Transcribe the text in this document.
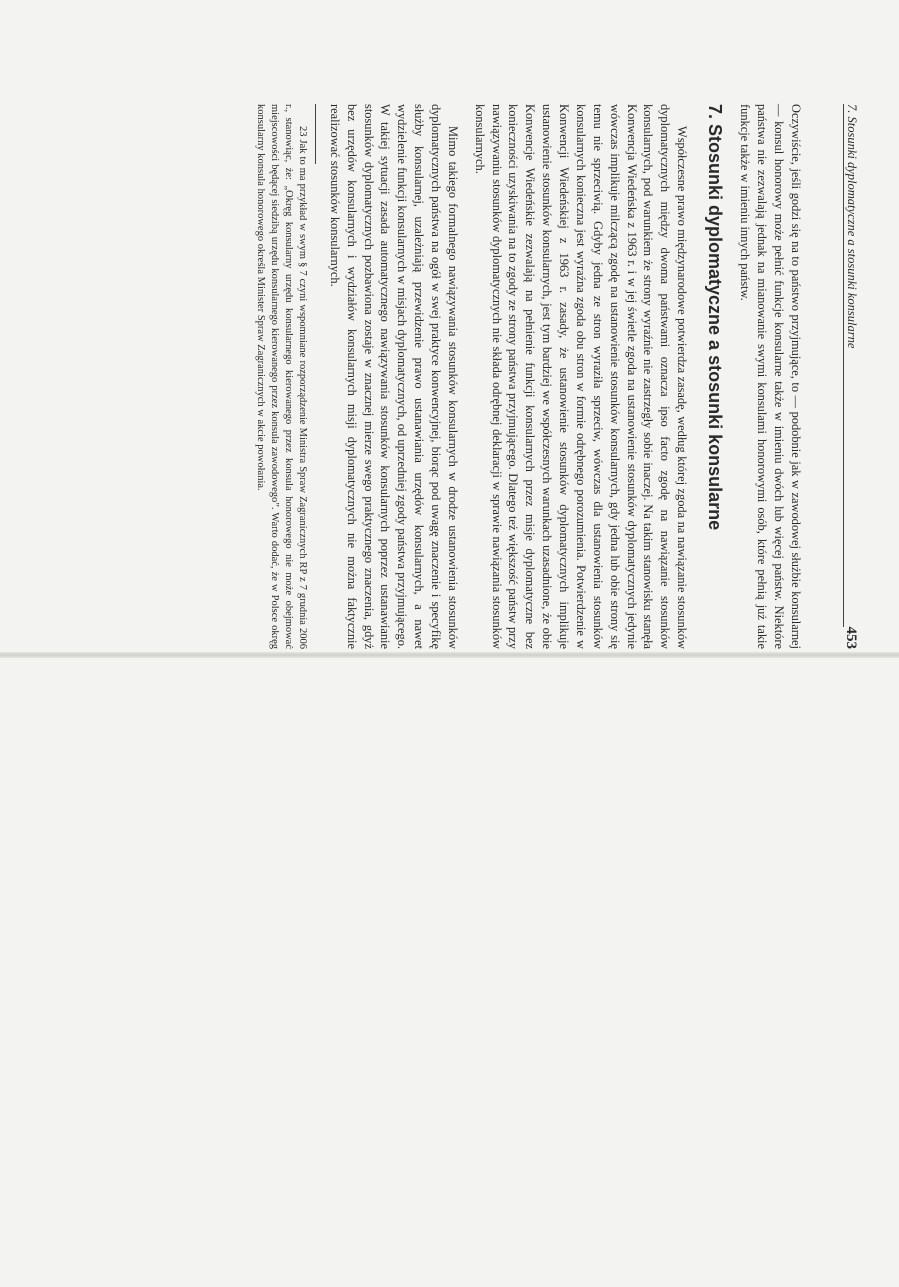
7. Stosunki dyplomatyczne a stosunki konsularne
453

Oczywiście, jeśli godzi się na to państwo przyjmujące, to — podobnie jak w zawodowej służbie konsularnej — konsul honorowy może pełnić funkcje konsularne także w imieniu dwóch lub więcej państw. Niektóre państwa nie zezwalają jednak na mianowanie swymi konsulami honorowymi osób, które pełnią już takie funkcje także w imieniu innych państw.

7. Stosunki dyplomatyczne a stosunki konsularne

Współczesne prawo międzynarodowe potwierdza zasadę, według której zgoda na nawiązanie stosunków dyplomatycznych między dwoma państwami oznacza ipso facto zgodę na nawiązanie stosunków konsularnych, pod warunkiem że strony wyraźnie nie zastrzegły sobie inaczej. Na takim stanowisku stanęła Konwencja Wiedeńska z 1963 r. i w jej świetle zgoda na ustanowienie stosunków dyplomatycznych jedynie wówczas implikuje milczącą zgodę na ustanowienie stosunków konsularnych, gdy jedna lub obie strony się temu nie sprzeciwią. Gdyby jedna ze stron wyraziła sprzeciw, wówczas dla ustanowienia stosunków konsularnych konieczna jest wyraźna zgoda obu stron w formie odrębnego porozumienia. Potwierdzenie w Konwencji Wiedeńskiej z 1963 r. zasady, że ustanowienie stosunków dyplomatycznych implikuje ustanowienie stosunków konsularnych, jest tym bardziej we współczesnych warunkach uzasadnione, że obie Konwencje Wiedeńskie zezwalają na pełnienie funkcji konsularnych przez misje dyplomatyczne bez konieczności uzyskiwania na to zgody ze strony państwa przyjmującego. Dlatego też większość państw przy nawiązywaniu stosunków dyplomatycznych nie składa odrębnej deklaracji w sprawie nawiązania stosunków konsularnych.

Mimo takiego formalnego nawiązywania stosunków konsularnych w drodze ustanowienia stosunków dyplomatycznych państwa na ogół w swej praktyce konwencyjnej, biorąc pod uwagę znaczenie i specyfikę służby konsularnej, uzależniają przewidzenie prawo ustanawiania urzędów konsularnych, a nawet wydzielenie funkcji konsularnych w misjach dyplomatycznych, od uprzedniej zgody państwa przyjmującego. W takiej sytuacji zasada automatycznego nawiązywania stosunków konsularnych poprzez ustanawianie stosunków dyplomatycznych pozbawiona zostaje w znacznej mierze swego praktycznego znaczenia, gdyż bez urzędów konsularnych i wydziałów konsularnych misji dyplomatycznych nie można faktycznie realizować stosunków konsularnych.

23 Jak to ma przykład w swym § 7 czyni wspomniane rozporządzenie Ministra Spraw Zagranicznych RP z 7 grudnia 2006 r., stanowiąc, że: „Okręg konsularny urzędu konsularnego kierowanego przez konsula honorowego nie może obejmować miejscowości będącej siedzibą urzędu konsularnego kierowanego przez konsula zawodowego”. Warto dodać, że w Polsce okręg konsularny konsula honorowego określa Minister Spraw Zagranicznych w akcie powołania.
